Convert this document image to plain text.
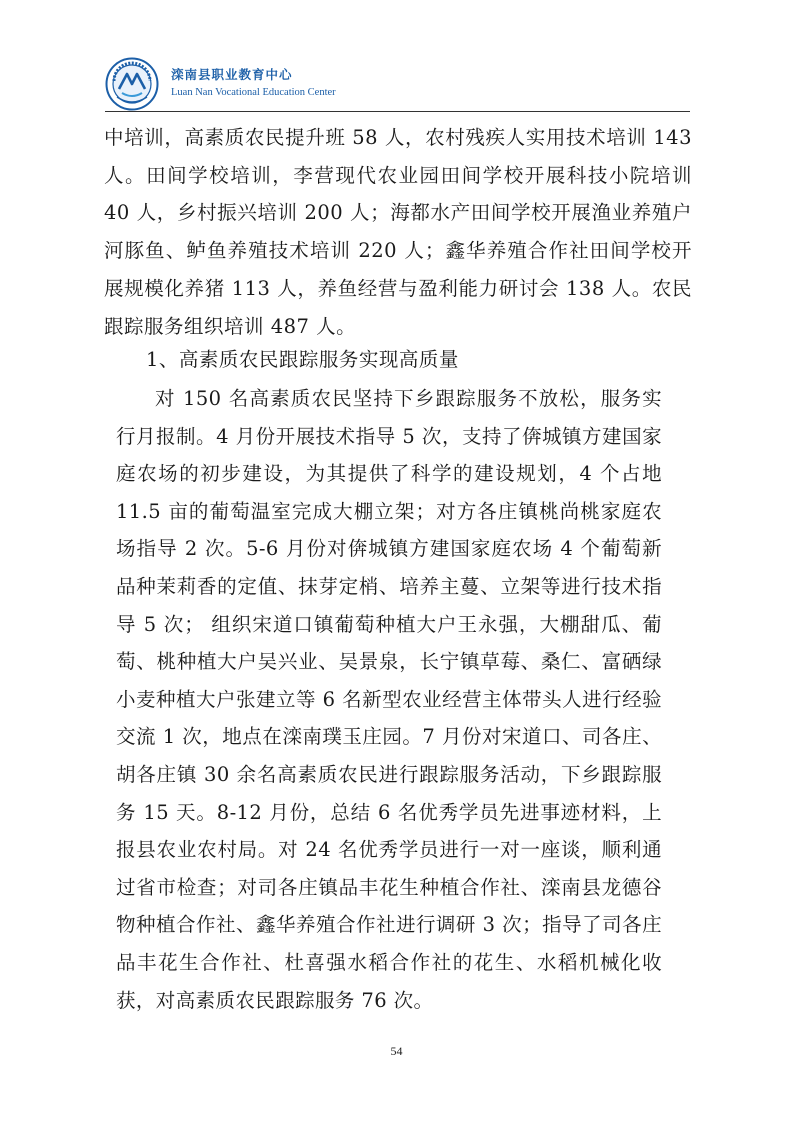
滦南县职业教育中心
Luan Nan Vocational Education Center

中培训，高素质农民提升班 58 人，农村残疾人实用技术培训 143 人。田间学校培训，李营现代农业园田间学校开展科技小院培训 40 人，乡村振兴培训 200 人；海都水产田间学校开展渔业养殖户河豚鱼、鲈鱼养殖技术培训 220 人；鑫华养殖合作社田间学校开展规模化养猪 113 人，养鱼经营与盈利能力研讨会 138 人。农民跟踪服务组织培训 487 人。

1、高素质农民跟踪服务实现高质量

对 150 名高素质农民坚持下乡跟踪服务不放松，服务实行月报制。4 月份开展技术指导 5 次，支持了倴城镇方建国家庭农场的初步建设，为其提供了科学的建设规划，4 个占地 11.5 亩的葡萄温室完成大棚立架；对方各庄镇桃尚桃家庭农场指导 2 次。5-6 月份对倴城镇方建国家庭农场 4 个葡萄新品种茉莉香的定值、抹芽定梢、培养主蔓、立架等进行技术指导 5 次； 组织宋道口镇葡萄种植大户王永强，大棚甜瓜、葡萄、桃种植大户吴兴业、吴景泉，长宁镇草莓、桑仁、富硒绿小麦种植大户张建立等 6 名新型农业经营主体带头人进行经验交流 1 次，地点在滦南璞玉庄园。7 月份对宋道口、司各庄、胡各庄镇 30 余名高素质农民进行跟踪服务活动，下乡跟踪服务 15 天。8-12 月份，总结 6 名优秀学员先进事迹材料，上报县农业农村局。对 24 名优秀学员进行一对一座谈，顺利通过省市检查；对司各庄镇品丰花生种植合作社、滦南县龙德谷物种植合作社、鑫华养殖合作社进行调研 3 次；指导了司各庄品丰花生合作社、杜喜强水稻合作社的花生、水稻机械化收获，对高素质农民跟踪服务 76 次。

54
